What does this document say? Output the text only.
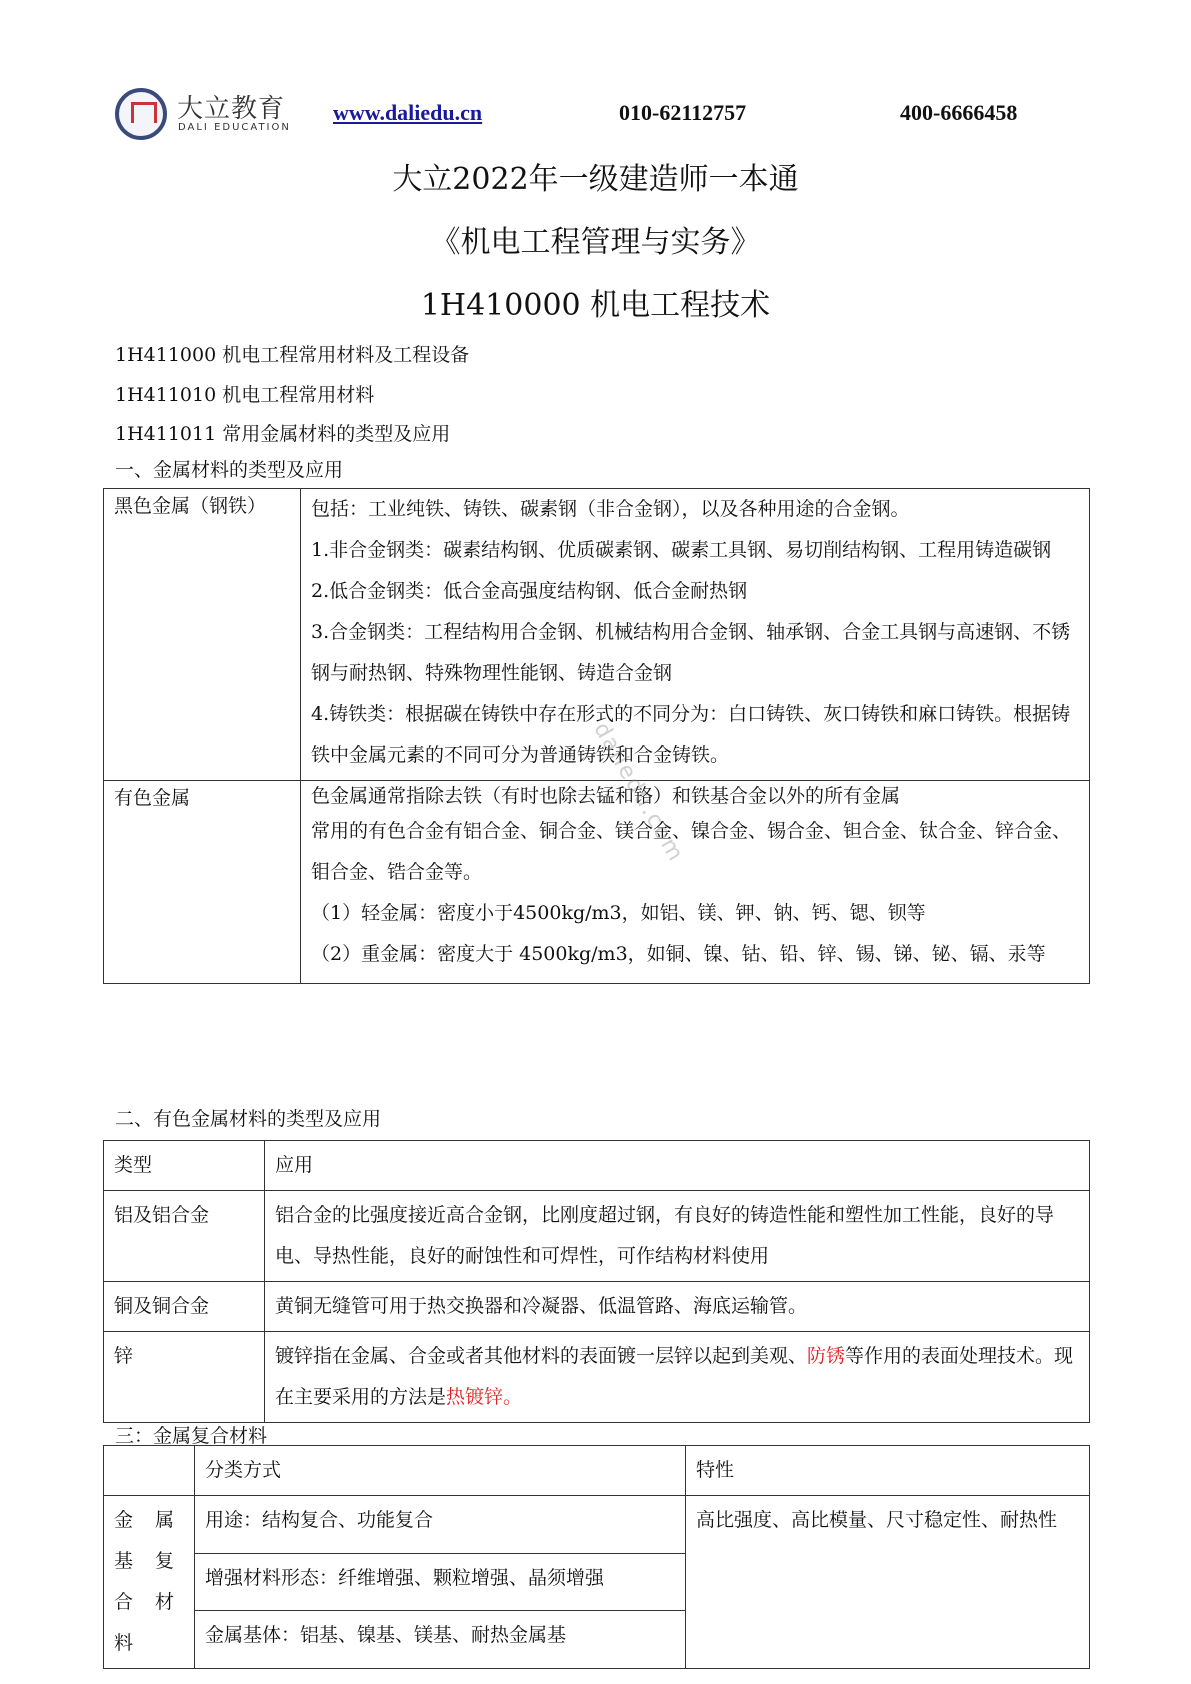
大立教育
DALI EDUCATION
www.daliedu.cn	010-62112757	400-6666458
大立2022年一级建造师一本通
《机电工程管理与实务》
1H410000 机电工程技术
1H411000 机电工程常用材料及工程设备
1H411010 机电工程常用材料
1H411011 常用金属材料的类型及应用
一、金属材料的类型及应用
黑色金属（钢铁）	包括：工业纯铁、铸铁、碳素钢（非合金钢），以及各种用途的合金钢。

1.非合金钢类：碳素结构钢、优质碳素钢、碳素工具钢、易切削结构钢、工程用铸造碳钢

2.低合金钢类：低合金高强度结构钢、低合金耐热钢

3.合金钢类：工程结构用合金钢、机械结构用合金钢、轴承钢、合金工具钢与高速钢、不锈钢与耐热钢、特殊物理性能钢、铸造合金钢

4.铸铁类：根据碳在铸铁中存在形式的不同分为：白口铸铁、灰口铸铁和麻口铸铁。根据铸铁中金属元素的不同可分为普通铸铁和合金铸铁。

有色金属	色金属通常指除去铁（有时也除去锰和铬）和铁基合金以外的所有金属

常用的有色合金有铝合金、铜合金、镁合金、镍合金、锡合金、钽合金、钛合金、锌合金、钼合金、锆合金等。

（1）轻金属：密度小于4500kg/m3，如铝、镁、钾、钠、钙、锶、钡等

（2）重金属：密度大于 4500kg/m3，如铜、镍、钴、铅、锌、锡、锑、铋、镉、汞等

daliedu.com
二、有色金属材料的类型及应用
类型	应用
铝及铝合金	铝合金的比强度接近高合金钢，比刚度超过钢，有良好的铸造性能和塑性加工性能，良好的导电、导热性能，良好的耐蚀性和可焊性，可作结构材料使用
铜及铜合金	黄铜无缝管可用于热交换器和冷凝器、低温管路、海底运输管。
锌	镀锌指在金属、合金或者其他材料的表面镀一层锌以起到美观、防锈等作用的表面处理技术。现在主要采用的方法是热镀锌。
三：金属复合材料
	分类方式	特性
金属基复合材料	用途：结构复合、功能复合	高比强度、高比模量、尺寸稳定性、耐热性
	增强材料形态：纤维增强、颗粒增强、晶须增强	
	金属基体：铝基、镍基、镁基、耐热金属基	
